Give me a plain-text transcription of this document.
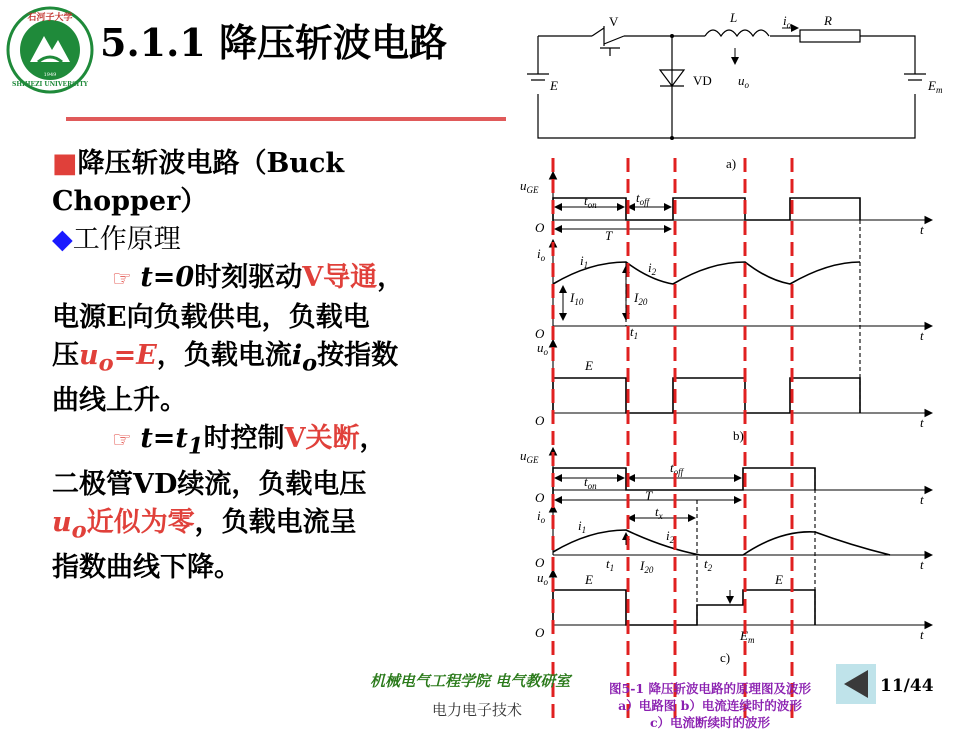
石河子大学
SHIHEZI UNIVERSITY
1949
5.1.1 降压斩波电路
■降压斩波电路（Buck
Chopper）
◆工作原理
☞ t=0时刻驱动V导通，
电源E向负载供电，负载电
压$u_o=E$，负载电流$i_o$按指数
曲线上升。
☞ $t=t_1$时控制V关断，
二极管VD续流，负载电压
$u_o$近似为零，负载电流呈
指数曲线下降。
V	L	$i_o$	R
E	VD $u_o$	$E_m$
a)
$u_{GE}$
O	t
$t_{on}$	$t_{off}$
T
$i_o$	$i_1$	$i_2$
$I_{10}$	$I_{20}$
O	t
$t_1$
$u_o$
E
O	t
b)
$u_{GE}$
O	t
$t_{on}$
$t_{off}$
T
$t_x$
$i_o$	$i_1$	$i_2$
O	t
$t_1$ $I_{20}$	$t_2$
$u_o$	E	E
$E_m$
O	t
c)
机械电气工程学院 电气教研室
电力电子技术
图5-1 降压斩波电路的原理图及波形
a）电路图 b）电流连续时的波形
c）电流断续时的波形
11/44
